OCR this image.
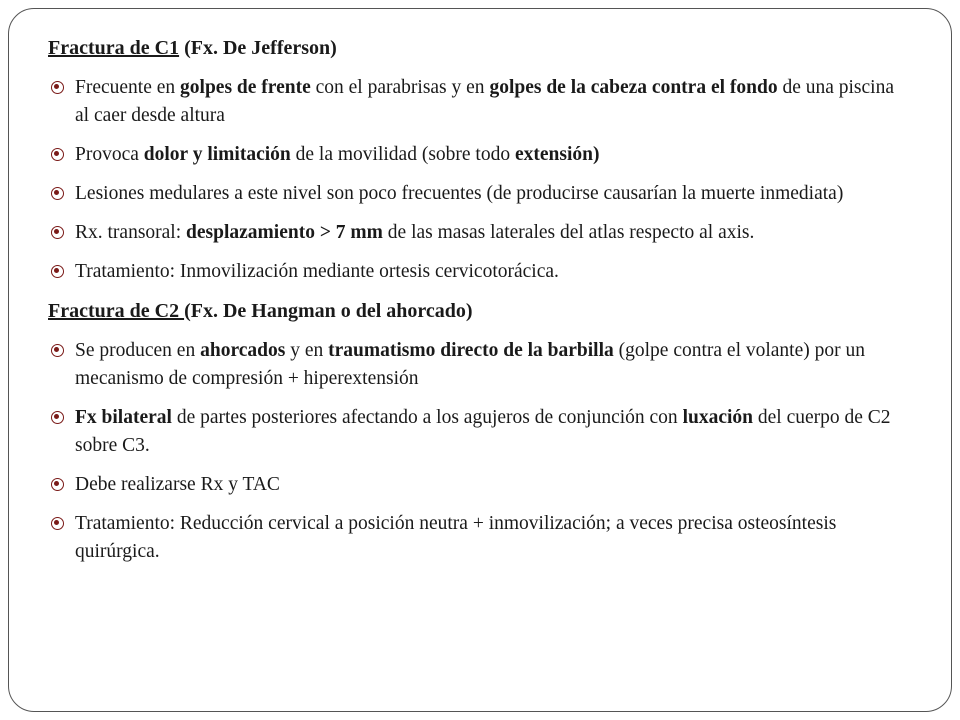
Fractura de C1 (Fx. De Jefferson)
Frecuente en golpes de frente con el parabrisas y en golpes de la cabeza contra el fondo de una piscina al caer desde altura
Provoca dolor y limitación de la movilidad (sobre todo extensión)
Lesiones medulares a este nivel son poco frecuentes (de producirse causarían la muerte inmediata)
Rx. transoral: desplazamiento > 7 mm de las masas laterales del atlas respecto al axis.
Tratamiento: Inmovilización mediante ortesis cervicotorácica.
Fractura de C2 (Fx. De Hangman o del ahorcado)
Se producen en ahorcados y en traumatismo directo de la barbilla (golpe contra el volante) por un mecanismo de compresión + hiperextensión
Fx bilateral de partes posteriores afectando a los agujeros de conjunción con luxación del cuerpo de C2 sobre C3.
Debe realizarse Rx y TAC
Tratamiento: Reducción cervical a posición neutra + inmovilización; a veces precisa osteosíntesis quirúrgica.
